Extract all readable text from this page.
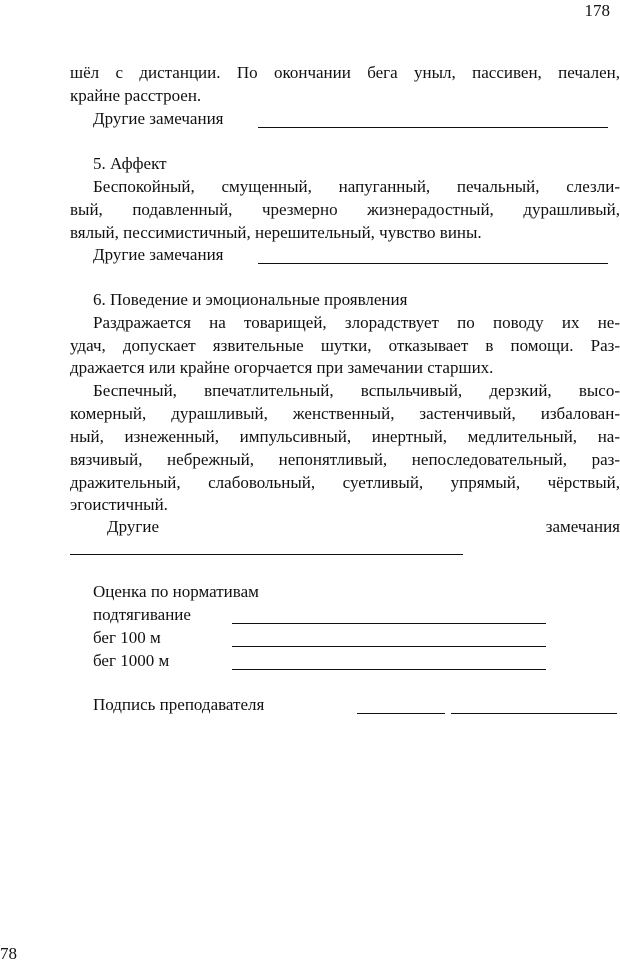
178
шёл с дистанции. По окончании бега уныл, пассивен, печален,
крайне расстроен.
Другие замечания
5. Аффект
Беспокойный, смущенный, напуганный, печальный, слезли-
вый, подавленный, чрезмерно жизнерадостный, дурашливый,
вялый, пессимистичный, нерешительный, чувство вины.
Другие замечания
6. Поведение и эмоциональные проявления
Раздражается на товарищей, злорадствует по поводу их не-
удач, допускает язвительные шутки, отказывает в помощи. Раз-
дражается или крайне огорчается при замечании старших.
Беспечный, впечатлительный, вспыльчивый, дерзкий, высо-
комерный, дурашливый, женственный, застенчивый, избалован-
ный, изнеженный, импульсивный, инертный, медлительный, на-
вязчивый, небрежный, непонятливый, непоследовательный, раз-
дражительный, слабовольный, суетливый, упрямый, чёрствый,
эгоистичный.
Другие	замечания
Оценка по нормативам
подтягивание
бег 100 м
бег 1000 м
Подпись преподавателя
78
